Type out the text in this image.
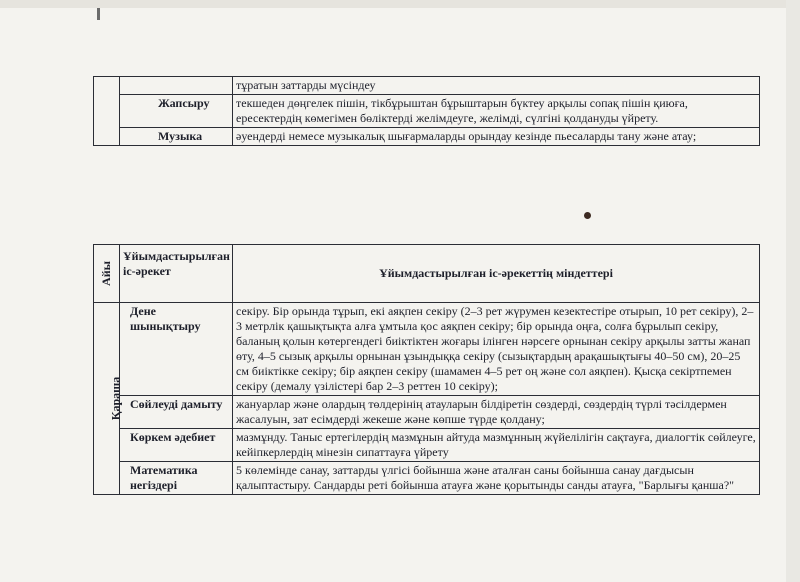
		тұратын заттарды мүсіндеу
	Жапсыру	текшеден дөңгелек пішін, тікбұрыштан бұрыштарын бүктеу арқылы сопақ пішін қиюға, ересектердің көмегімен бөліктерді желімдеуге, желімді, сүлгіні қолдануды үйрету.
	Музыка	әуендерді немесе музыкалық шығармаларды орындау кезінде пьесаларды тану және атау;
Айы	Ұйымдастырылған іс-әрекет	Ұйымдастырылған іс-әрекеттің міндеттері
Қараша	Дене шынықтыру	секіру. Бір орында тұрып, екі аяқпен секіру (2–3 рет жүрумен кезектестіре отырып, 10 рет секіру), 2–3 метрлік қашықтықта алға ұмтыла қос аяқпен секіру; бір орында оңға, солға бұрылып секіру, баланың қолын көтергендегі биіктіктен жоғары ілінген нәрсеге орнынан секіру арқылы затты жанап өту, 4–5 сызық арқылы орнынан ұзындыққа секіру (сызықтардың арақашықтығы 40–50 см), 20–25 см биіктікке секіру; бір аяқпен секіру (шамамен 4–5 рет оң және сол аяқпен). Қысқа секіртпемен секіру (демалу үзілістері бар 2–3 реттен 10 секіру);
	Сөйлеуді дамыту	жануарлар және олардың төлдерінің атауларын білдіретін сөздерді, сөздердің түрлі тәсілдермен жасалуын, зат есімдерді жекеше және көпше түрде қолдану;
	Көркем әдебиет	мазмұнду. Таныс ертегілердің мазмұнын айтуда мазмұнның жүйелілігін сақтауға, диалогтік сөйлеуге, кейіпкерлердің мінезін сипаттауға үйрету
	Математика негіздері	5 көлемінде санау, заттарды үлгісі бойынша және аталған саны бойынша санау дағдысын қалыптастыру. Сандарды реті бойынша атауға және қорытынды санды атауға, "Барлығы қанша?"
